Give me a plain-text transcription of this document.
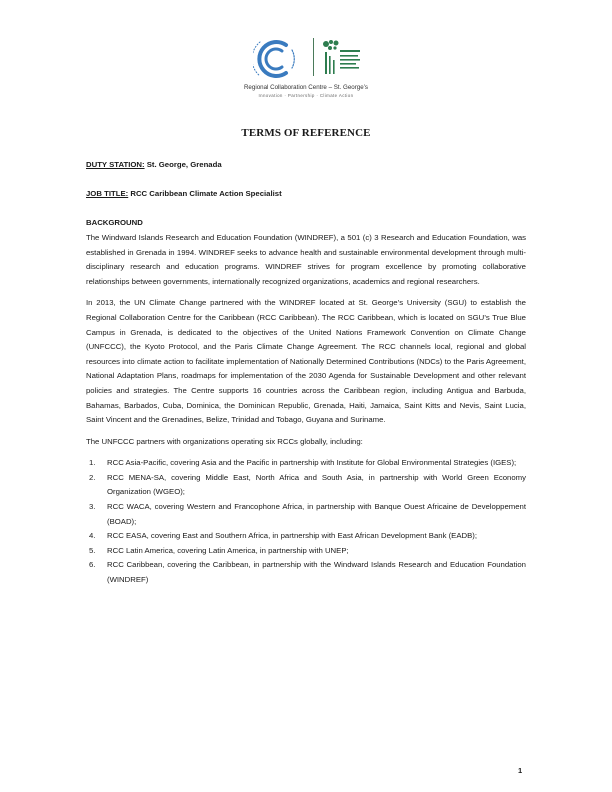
Regional Collaboration Centre – St. George’s
Innovation · Partnership · Climate Action
TERMS OF REFERENCE

DUTY STATION: St. George, Grenada

JOB TITLE: RCC Caribbean Climate Action Specialist

BACKGROUND

The Windward Islands Research and Education Foundation (WINDREF), a 501 (c) 3 Research and Education Foundation, was established in Grenada in 1994. WINDREF seeks to advance health and sustainable environmental development through multi-disciplinary research and education programs. WINDREF strives for program excellence by promoting collaborative relationships between governments, internationally recognized organizations, academics and regional researchers.

In 2013, the UN Climate Change partnered with the WINDREF located at St. George’s University (SGU) to establish the Regional Collaboration Centre for the Caribbean (RCC Caribbean). The RCC Caribbean, which is located on SGU’s True Blue Campus in Grenada, is dedicated to the objectives of the United Nations Framework Convention on Climate Change (UNFCCC), the Kyoto Protocol, and the Paris Climate Change Agreement. The RCC channels local, regional and global resources into climate action to facilitate implementation of Nationally Determined Contributions (NDCs) to the Paris Agreement, National Adaptation Plans, roadmaps for implementation of the 2030 Agenda for Sustainable Development and other relevant policies and strategies. The Centre supports 16 countries across the Caribbean region, including Antigua and Barbuda, Bahamas, Barbados, Cuba, Dominica, the Dominican Republic, Grenada, Haiti, Jamaica, Saint Kitts and Nevis, Saint Lucia, Saint Vincent and the Grenadines, Belize, Trinidad and Tobago, Guyana and Suriname.

The UNFCCC partners with organizations operating six RCCs globally, including:

1. RCC Asia-Pacific, covering Asia and the Pacific in partnership with Institute for Global Environmental Strategies (IGES);
2. RCC MENA-SA, covering Middle East, North Africa and South Asia, in partnership with World Green Economy Organization (WGEO);
3. RCC WACA, covering Western and Francophone Africa, in partnership with Banque Ouest Africaine de Developpement (BOAD);
4. RCC EASA, covering East and Southern Africa, in partnership with East African Development Bank (EADB);
5. RCC Latin America, covering Latin America, in partnership with UNEP;
6. RCC Caribbean, covering the Caribbean, in partnership with the Windward Islands Research and Education Foundation (WINDREF)
1
